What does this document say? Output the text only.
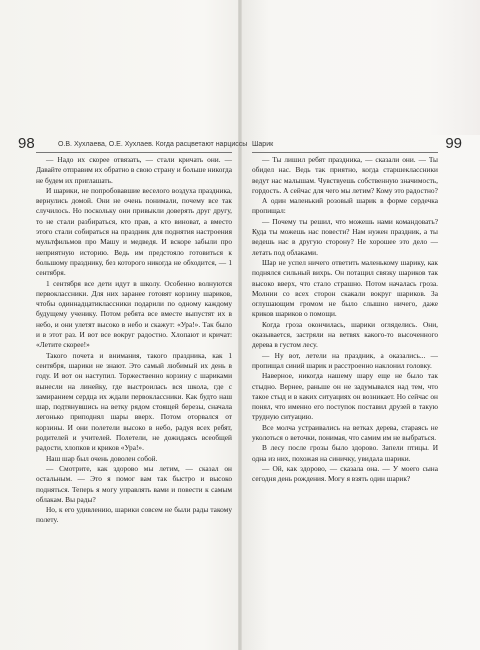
98	О.В. Хухлаева, О.Е. Хухлаев. Когда расцветают нарциссы Шарик	99

— Надо их скорее отвязать, — стали кричать они. — Давайте отправим их обратно в свою страну и больше никогда не будем их приглашать.

И шарики, не попробовавшие веселого воздуха праздника, вернулись домой. Они не очень понимали, почему все так случилось. Но поскольку они привыкли доверять друг другу, то не стали разбираться, кто прав, а кто виноват, а вместо этого стали собираться на праздник для поднятия настроения мультфильмов про Машу и медведя. И вскоре забыли про неприятную историю. Ведь им предстояло готовиться к большому празднику, без которого никогда не обходится, — 1 сентября.

1 сентября все дети идут в школу. Особенно волнуются первоклассники. Для них заранее готовят корзину шариков, чтобы одиннадцатиклассники подарили по одному каждому будущему ученику. Потом ребята все вместе выпустят их в небо, и они улетят высоко в небо и скажут: «Ура!». Так было и в этот раз. И вот все вокруг радостно. Хлопают и кричат: «Летите скорее!»

Такого почета и внимания, такого праздника, как 1 сентября, шарики не знают. Это самый любимый их день в году. И вот он наступил. Торжественно корзину с шариками вынесли на линейку, где выстроилась вся школа, где с замиранием сердца их ждали первоклассники. Как будто наш шар, подтянувшись на ветку рядом стоящей березы, сначала легонько приподнял шары вверх. Потом оторвался от корзины. И они полетели высоко в небо, радуя всех ребят, родителей и учителей. Полетели, не дожидаясь всеобщей радости, хлопков и криков «Ура!».

Наш шар был очень доволен собой.

— Смотрите, как здорово мы летим, — сказал он остальным. — Это я помог вам так быстро и высоко подняться. Теперь я могу управлять вами и повести к самым облакам. Вы рады?

Но, к его удивлению, шарики совсем не были рады такому полету.

— Ты лишил ребят праздника, — сказали они. — Ты обидел нас. Ведь так приятно, когда старшеклассники ведут нас малышам. Чувствуешь собственную значимость, гордость. А сейчас для чего мы летим? Кому это радостно?

А один маленький розовый шарик в форме сердечка пропищал:

— Почему ты решил, что можешь нами командовать? Куда ты можешь нас повести? Нам нужен праздник, а ты ведешь нас в другую сторону? Не хорошее это дело — летать под облаками.

Шар не успел ничего ответить маленькому шарику, как поднялся сильный вихрь. Он потащил связку шариков так высоко вверх, что стало страшно. Потом началась гроза. Молнии со всех сторон скакали вокруг шариков. За оглушающим громом не было слышно ничего, даже криков шариков о помощи.

Когда гроза окончилась, шарики огляделись. Они, оказывается, застряли на ветвях какого-то высоченного дерева в густом лесу.

— Ну вот, летели на праздник, а оказались... — пропищал синий шарик и расстроенно наклонил головку.

Наверное, никогда нашему шару еще не было так стыдно. Вернее, раньше он не задумывался над тем, что такое стыд и в каких ситуациях он возникает. Но сейчас он понял, что именно его поступок поставил друзей в такую трудную ситуацию.

Все молча устраивались на ветках дерева, стараясь не уколоться о веточки, понимая, что самим им не выбраться.

В лесу после грозы было здорово. Запели птицы. И одна из них, похожая на синичку, увидала шарики.

— Ой, как здорово, — сказала она. — У моего сына сегодня день рождения. Могу я взять один шарик?
